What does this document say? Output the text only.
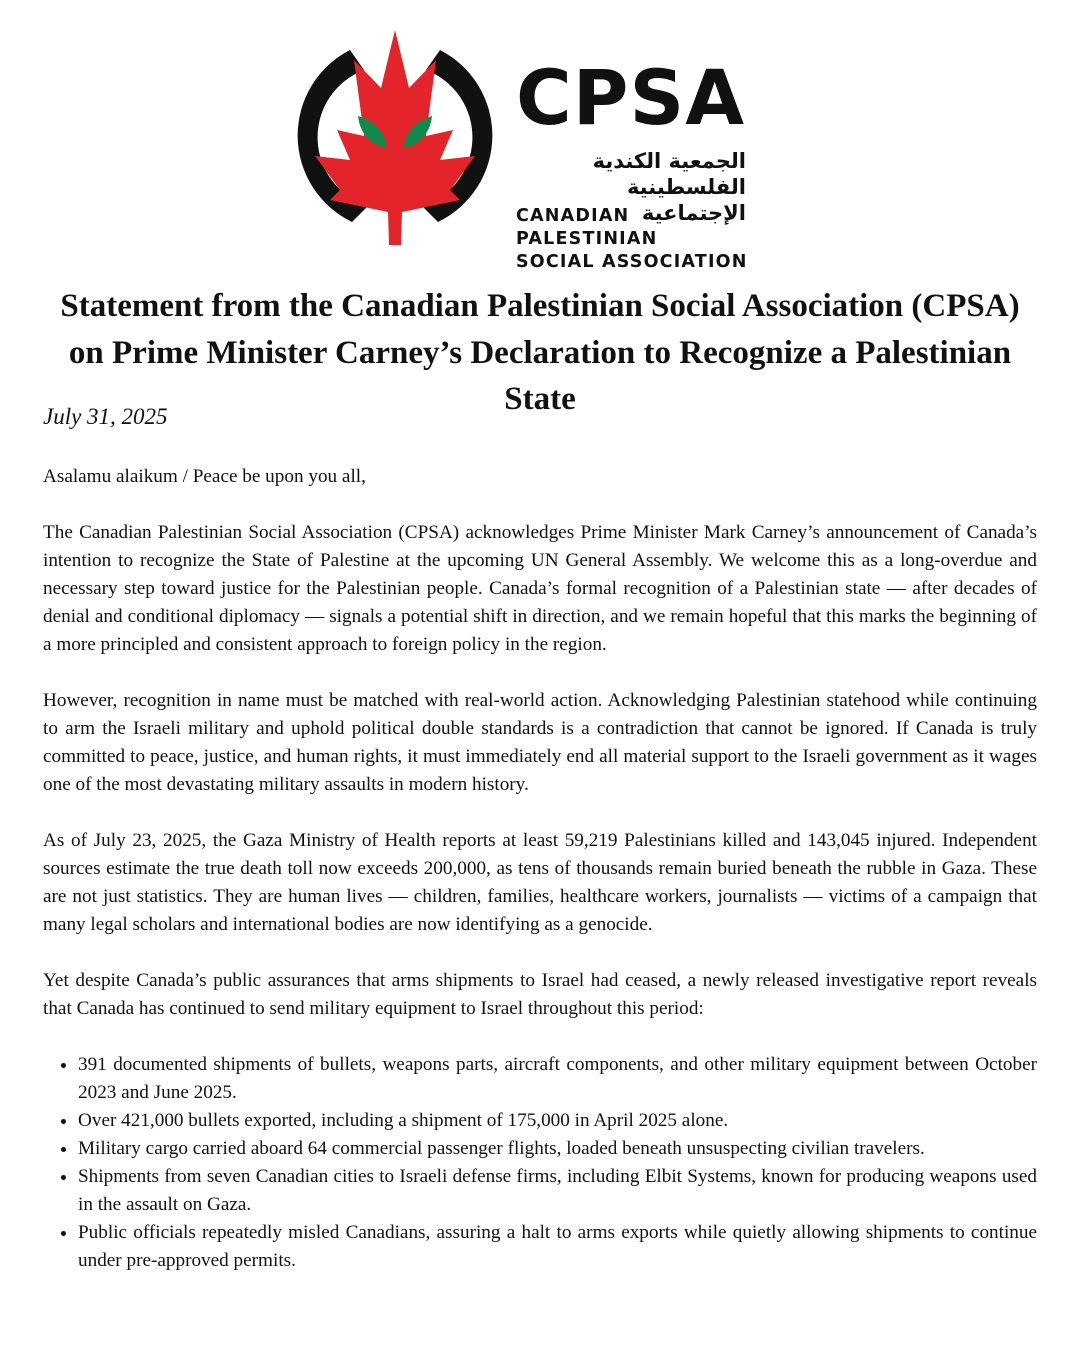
CPSA
الجمعية الكندية
الفلسطينية الإجتماعية
CANADIAN PALESTINIAN
SOCIAL ASSOCIATION
Statement from the Canadian Palestinian Social Association (CPSA) on Prime Minister Carney’s Declaration to Recognize a Palestinian State
July 31, 2025

Asalamu alaikum / Peace be upon you all,

The Canadian Palestinian Social Association (CPSA) acknowledges Prime Minister Mark Carney’s announcement of Canada’s intention to recognize the State of Palestine at the upcoming UN General Assembly. We welcome this as a long-overdue and necessary step toward justice for the Palestinian people. Canada’s formal recognition of a Palestinian state — after decades of denial and conditional diplomacy — signals a potential shift in direction, and we remain hopeful that this marks the beginning of a more principled and consistent approach to foreign policy in the region.

However, recognition in name must be matched with real-world action. Acknowledging Palestinian statehood while continuing to arm the Israeli military and uphold political double standards is a contradiction that cannot be ignored. If Canada is truly committed to peace, justice, and human rights, it must immediately end all material support to the Israeli government as it wages one of the most devastating military assaults in modern history.

As of July 23, 2025, the Gaza Ministry of Health reports at least 59,219 Palestinians killed and 143,045 injured. Independent sources estimate the true death toll now exceeds 200,000, as tens of thousands remain buried beneath the rubble in Gaza. These are not just statistics. They are human lives — children, families, healthcare workers, journalists — victims of a campaign that many legal scholars and international bodies are now identifying as a genocide.

Yet despite Canada’s public assurances that arms shipments to Israel had ceased, a newly released investigative report reveals that Canada has continued to send military equipment to Israel throughout this period:

• 391 documented shipments of bullets, weapons parts, aircraft components, and other military equipment between October 2023 and June 2025.
• Over 421,000 bullets exported, including a shipment of 175,000 in April 2025 alone.
• Military cargo carried aboard 64 commercial passenger flights, loaded beneath unsuspecting civilian travelers.
• Shipments from seven Canadian cities to Israeli defense firms, including Elbit Systems, known for producing weapons used in the assault on Gaza.
• Public officials repeatedly misled Canadians, assuring a halt to arms exports while quietly allowing shipments to continue under pre-approved permits.
